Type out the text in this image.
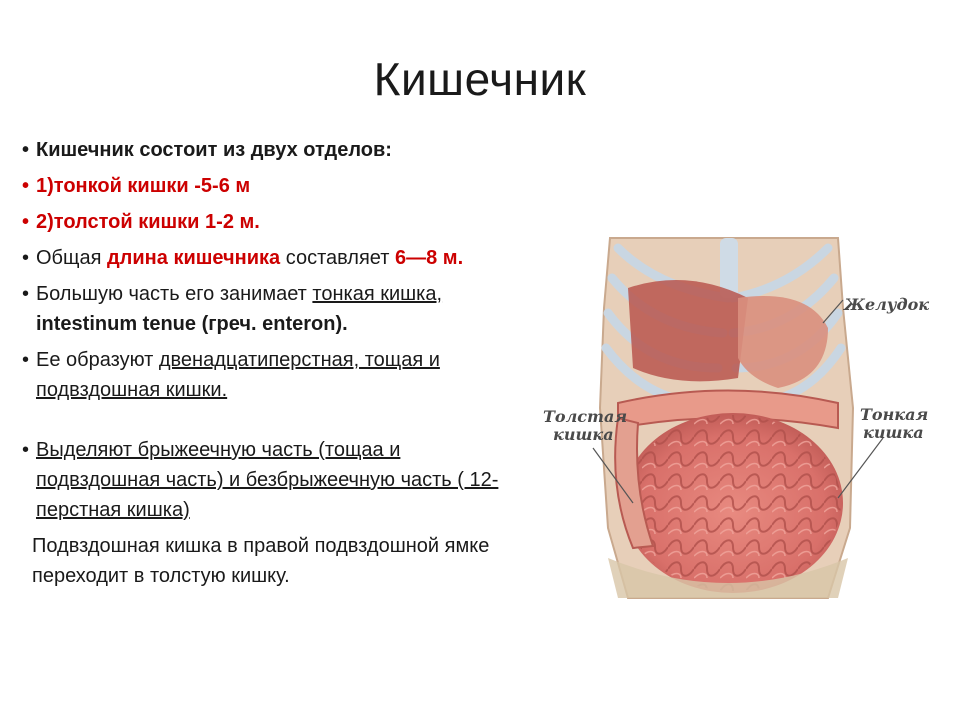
Кишечник
• Кишечник состоит из двух отделов:
• 1)тонкой кишки -5-6 м
• 2)толстой кишки 1-2 м.
• Общая длина кишечника составляет 6—8 м.
• Большую часть его занимает тонкая кишка, intestinum tenue (греч. enteron).
• Ее образуют двенадцатиперстная, тощая и подвздошная кишки.
• Выделяют брыжеечную часть (тощаа и подвздошная часть) и безбрыжеечную часть ( 12-перстная кишка)
Подвздошная кишка в правой подвздошной ямке переходит в толстую кишку.
Желудок
Толстая
кишка
Тонкая
кишка
